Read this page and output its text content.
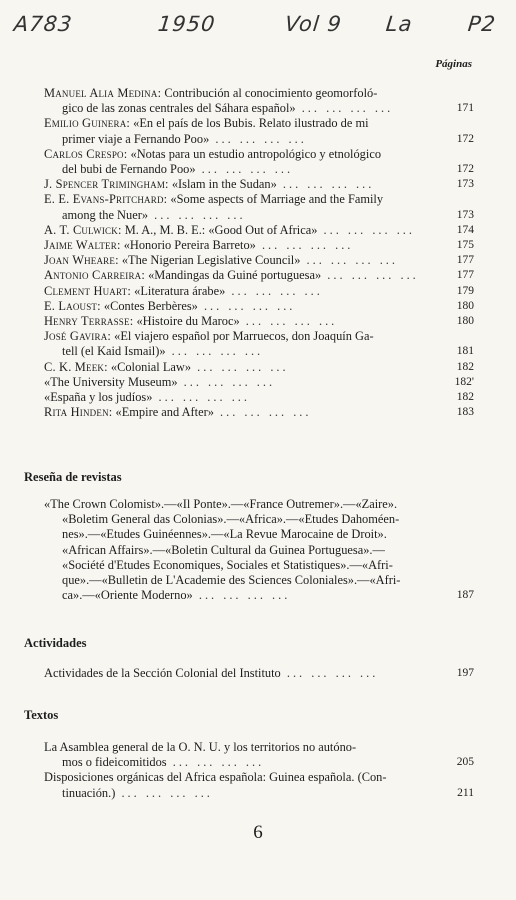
A783	1950	Vol 9 La	P2
Páginas
Manuel Alia Medina: Contribución al conocimiento geomorfoló-
gico de las zonas centrales del Sáhara español» ... ... ... ...	171
Emilio Guinera: «En el país de los Bubis. Relato ilustrado de mi
primer viaje a Fernando Poo» ... ... ... ...	172
Carlos Crespo: «Notas para un estudio antropológico y etnológico
del bubi de Fernando Poo» ... ... ... ...	172
J. Spencer Trimingham: «Islam in the Sudan» ... ... ... ...	173
E. E. Evans-Pritchard: «Some aspects of Marriage and the Family
among the Nuer» ... ... ... ...	173
A. T. Culwick: M. A., M. B. E.: «Good Out of Africa» ... ... ... ...	174
Jaime Walter: «Honorio Pereira Barreto» ... ... ... ...	175
Joan Wheare: «The Nigerian Legislative Council» ... ... ... ...	177
Antonio Carreira: «Mandingas da Guiné portuguesa» ... ... ... ...	177
Clement Huart: «Literatura árabe» ... ... ... ...	179
E. Laoust: «Contes Berbères» ... ... ... ...	180
Henry Terrasse: «Histoire du Maroc» ... ... ... ...	180
José Gavira: «El viajero español por Marruecos, don Joaquín Ga-
tell (el Kaid Ismail)» ... ... ... ...	181
C. K. Meek: «Colonial Law» ... ... ... ...	182
«The University Museum» ... ... ... ...	182'
«España y los judíos» ... ... ... ...	182
Rita Hinden: «Empire and After» ... ... ... ...	183
Reseña de revistas
«The Crown Colomist».—«Il Ponte».—«France Outremer».—«Zaire».
«Boletim General das Colonias».—«Africa».—«Etudes Dahoméen-
nes».—«Etudes Guinéennes».—«La Revue Marocaine de Droit».
«African Affairs».—«Boletin Cultural da Guinea Portuguesa».—
«Société d'Etudes Economiques, Sociales et Statistiques».—«Afri-
que».—«Bulletin de L'Academie des Sciences Coloniales».—«Afri-
ca».—«Oriente Moderno» ... ... ... ...	187
Actividades
Actividades de la Sección Colonial del Instituto ... ... ... ...	197
Textos
La Asamblea general de la O. N. U. y los territorios no autóno-
mos o fideicomitidos ... ... ... ...	205
Disposiciones orgánicas del Africa española: Guinea española. (Con-
tinuación.) ... ... ... ...	211
6
